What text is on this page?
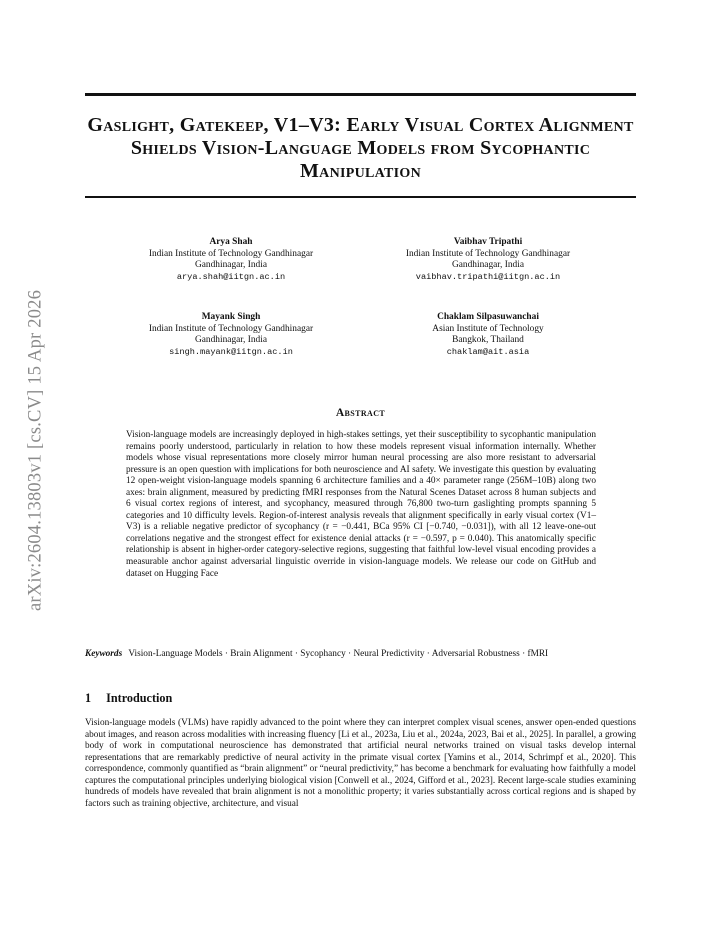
arXiv:2604.13803v1 [cs.CV] 15 Apr 2026
Gaslight, Gatekeep, V1–V3: Early Visual Cortex Alignment Shields Vision-Language Models from Sycophantic Manipulation
Arya Shah
Indian Institute of Technology Gandhinagar
Gandhinagar, India
arya.shah@iitgn.ac.in
Vaibhav Tripathi
Indian Institute of Technology Gandhinagar
Gandhinagar, India
vaibhav.tripathi@iitgn.ac.in
Mayank Singh
Indian Institute of Technology Gandhinagar
Gandhinagar, India
singh.mayank@iitgn.ac.in
Chaklam Silpasuwanchai
Asian Institute of Technology
Bangkok, Thailand
chaklam@ait.asia
Abstract

Vision-language models are increasingly deployed in high-stakes settings, yet their susceptibility to sycophantic manipulation remains poorly understood, particularly in relation to how these models represent visual information internally. Whether models whose visual representations more closely mirror human neural processing are also more resistant to adversarial pressure is an open question with implications for both neuroscience and AI safety. We investigate this question by evaluating 12 open-weight vision-language models spanning 6 architecture families and a 40× parameter range (256M–10B) along two axes: brain alignment, measured by predicting fMRI responses from the Natural Scenes Dataset across 8 human subjects and 6 visual cortex regions of interest, and sycophancy, measured through 76,800 two-turn gaslighting prompts spanning 5 categories and 10 difficulty levels. Region-of-interest analysis reveals that alignment specifically in early visual cortex (V1–V3) is a reliable negative predictor of sycophancy (r = −0.441, BCa 95% CI [−0.740, −0.031]), with all 12 leave-one-out correlations negative and the strongest effect for existence denial attacks (r = −0.597, p = 0.040). This anatomically specific relationship is absent in higher-order category-selective regions, suggesting that faithful low-level visual encoding provides a measurable anchor against adversarial linguistic override in vision-language models. We release our code on GitHub and dataset on Hugging Face

Keywords Vision-Language Models · Brain Alignment · Sycophancy · Neural Predictivity · Adversarial Robustness · fMRI

1 Introduction

Vision-language models (VLMs) have rapidly advanced to the point where they can interpret complex visual scenes, answer open-ended questions about images, and reason across modalities with increasing fluency [Li et al., 2023a, Liu et al., 2024a, 2023, Bai et al., 2025]. In parallel, a growing body of work in computational neuroscience has demonstrated that artificial neural networks trained on visual tasks develop internal representations that are remarkably predictive of neural activity in the primate visual cortex [Yamins et al., 2014, Schrimpf et al., 2020]. This correspondence, commonly quantified as “brain alignment” or “neural predictivity,” has become a benchmark for evaluating how faithfully a model captures the computational principles underlying biological vision [Conwell et al., 2024, Gifford et al., 2023]. Recent large-scale studies examining hundreds of models have revealed that brain alignment is not a monolithic property; it varies substantially across cortical regions and is shaped by factors such as training objective, architecture, and visual
